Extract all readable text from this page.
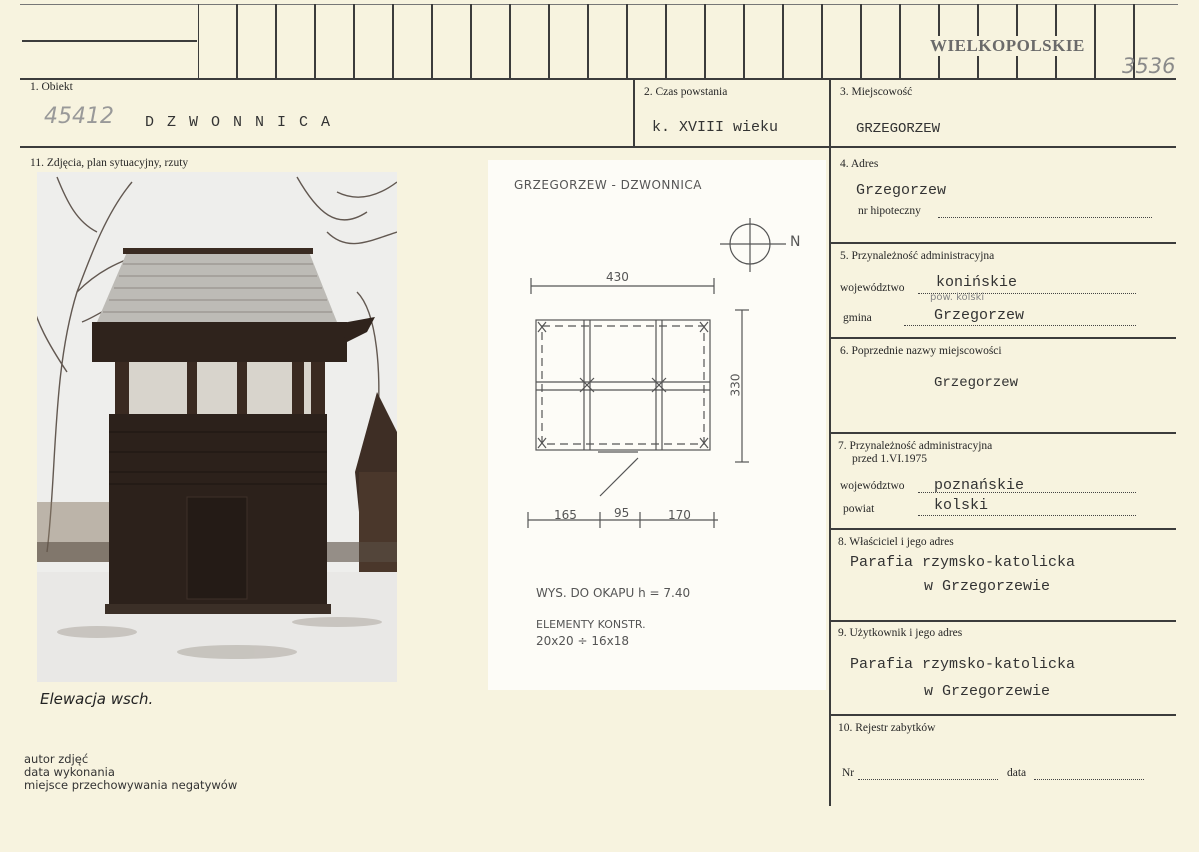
WIELKOPOLSKIE
3536
1. Obiekt
45412 D Z W O N N I C A
2. Czas powstania
k. XVIII wieku
3. Miejscowość
GRZEGORZEW
11. Zdjęcia, plan sytuacyjny, rzuty
Elewacja wsch.
GRZEGORZEW - DZWONNICA
N
430
330
165	95	170
WYS. DO OKAPU h = 7.40
ELEMENTY KONSTR.
20x20 ÷ 16x18
autor zdjęć
data wykonania
miejsce przechowywania negatywów
4. Adres
Grzegorzew
nr hipoteczny
5. Przynależność administracyjna
województwo konińskie
pow. kolski
gmina	Grzegorzew
6. Poprzednie nazwy miejscowości
Grzegorzew
7. Przynależność administracyjna
przed 1.VI.1975
województwo poznańskie
powiat	kolski
8. Właściciel i jego adres
Parafia rzymsko-katolicka
w Grzegorzewie
9. Użytkownik i jego adres
Parafia rzymsko-katolicka
w Grzegorzewie
10. Rejestr zabytków
Nr	data
